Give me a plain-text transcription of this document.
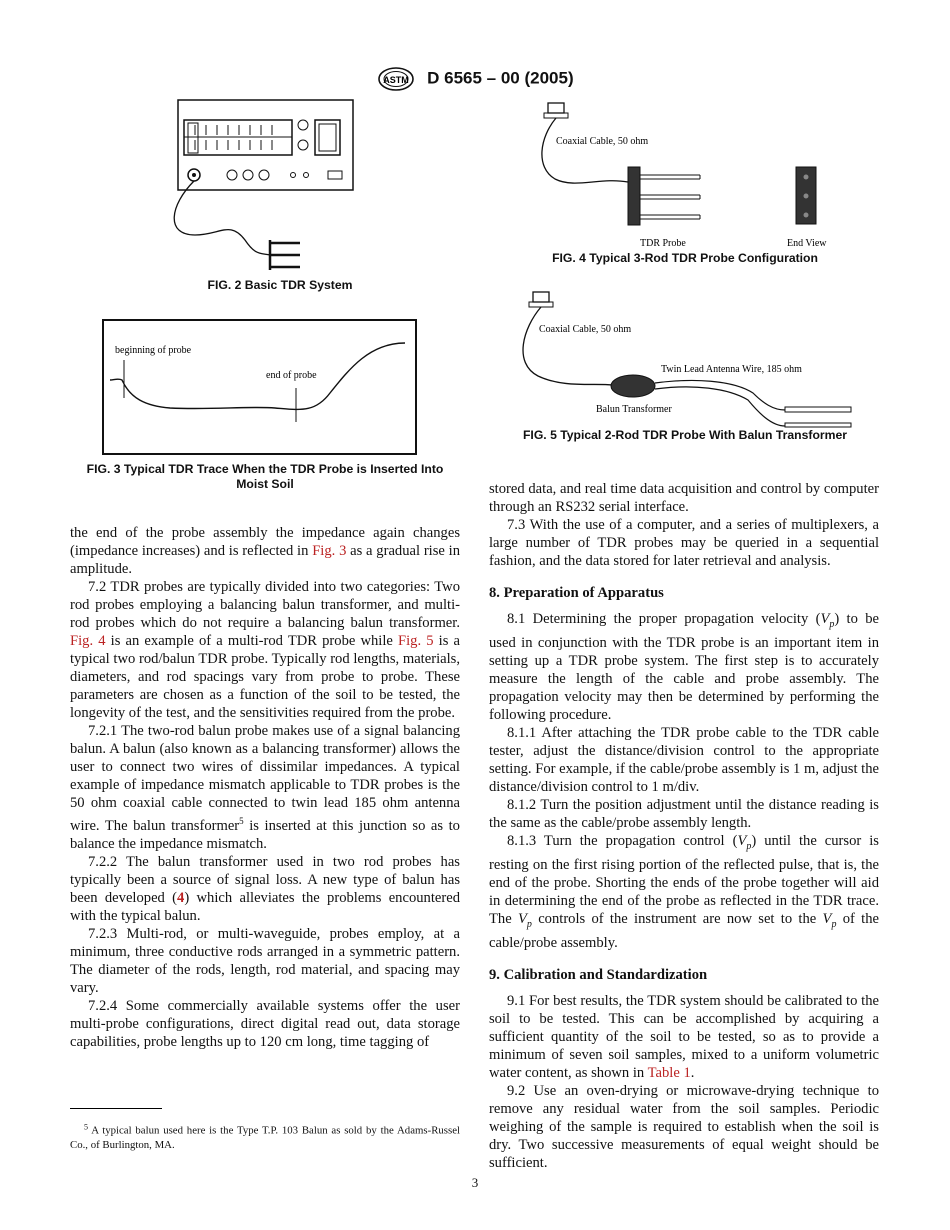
ASTM D 6565 – 00 (2005)
FIG. 2 Basic TDR System
beginning of probe
end of probe
FIG. 3 Typical TDR Trace When the TDR Probe is Inserted Into
Moist Soil
Coaxial Cable, 50 ohm
TDR Probe	End View
FIG. 4 Typical 3-Rod TDR Probe Configuration
Coaxial Cable, 50 ohm
Twin Lead Antenna Wire, 185 ohm
Balun Transformer
FIG. 5 Typical 2-Rod TDR Probe With Balun Transformer

the end of the probe assembly the impedance again changes (impedance increases) and is reflected in Fig. 3 as a gradual rise in amplitude.

7.2 TDR probes are typically divided into two categories: Two rod probes employing a balancing balun transformer, and multi-rod probes which do not require a balancing balun transformer. Fig. 4 is an example of a multi-rod TDR probe while Fig. 5 is a typical two rod/balun TDR probe. Typically rod lengths, materials, diameters, and rod spacings vary from probe to probe. These parameters are chosen as a function of the soil to be tested, the longevity of the test, and the sensitivities required from the probe.

7.2.1 The two-rod balun probe makes use of a signal balancing balun. A balun (also known as a balancing transformer) allows the user to connect two wires of dissimilar impedances. A typical example of impedance mismatch applicable to TDR probes is the 50 ohm coaxial cable connected to twin lead 185 ohm antenna wire. The balun transformer$^5$ is inserted at this junction so as to balance the impedance mismatch.

7.2.2 The balun transformer used in two rod probes has typically been a source of signal loss. A new type of balun has been developed (4) which alleviates the problems encountered with the typical balun.

7.2.3 Multi-rod, or multi-waveguide, probes employ, at a minimum, three conductive rods arranged in a symmetric pattern. The diameter of the rods, length, rod material, and spacing may vary.

7.2.4 Some commercially available systems offer the user multi-probe configurations, direct digital read out, data storage capabilities, probe lengths up to 120 cm long, time tagging of

$^5$ A typical balun used here is the Type T.P. 103 Balun as sold by the Adams-Russel Co., of Burlington, MA.

stored data, and real time data acquisition and control by computer through an RS232 serial interface.

7.3 With the use of a computer, and a series of multiplexers, a large number of TDR probes may be queried in a sequential fashion, and the data stored for later retrieval and analysis.

8. Preparation of Apparatus

8.1 Determining the proper propagation velocity $(V_p)$ to be used in conjunction with the TDR probe is an important item in setting up a TDR probe system. The first step is to accurately measure the length of the cable and probe assembly. The propagation velocity may then be determined by performing the following procedure.

8.1.1 After attaching the TDR probe cable to the TDR cable tester, adjust the distance/division control to the appropriate setting. For example, if the cable/probe assembly is 1 m, adjust the distance/division control to 1 m/div.

8.1.2 Turn the position adjustment until the distance reading is the same as the cable/probe assembly length.

8.1.3 Turn the propagation control $(V_p)$ until the cursor is resting on the first rising portion of the reflected pulse, that is, the end of the probe. Shorting the ends of the probe together will aid in determining the end of the probe as reflected in the TDR trace. The $V_p$ controls of the instrument are now set to the $V_p$ of the cable/probe assembly.

9. Calibration and Standardization

9.1 For best results, the TDR system should be calibrated to the soil to be tested. This can be accomplished by acquiring a sufficient quantity of the soil to be tested, so as to provide a minimum of seven soil samples, mixed to a uniform volumetric water content, as shown in Table 1.

9.2 Use an oven-drying or microwave-drying technique to remove any residual water from the soil samples. Periodic weighing of the sample is required to establish when the soil is dry. Two successive measurements of equal weight should be sufficient.

3
